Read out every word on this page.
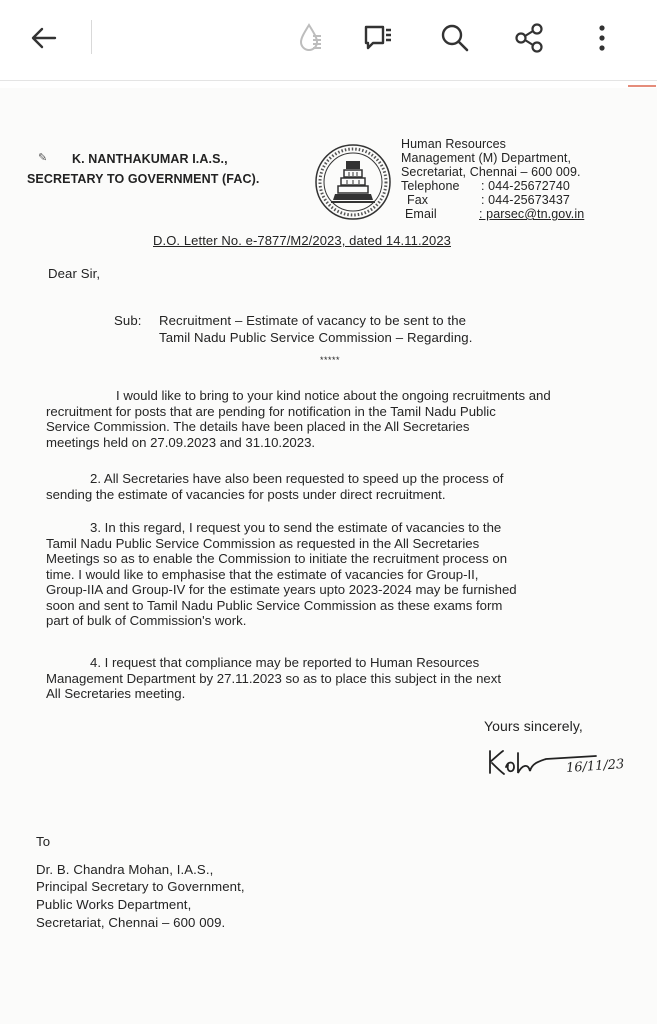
✎ K. NANTHAKUMAR I.A.S.,
SECRETARY TO GOVERNMENT (FAC).
Human Resources
Management (M) Department,
Secretariat, Chennai – 600 009.
Telephone : 044-25672740
Fax	: 044-25673437
Email	: parsec@tn.gov.in
D.O. Letter No. e-7877/M2/2023, dated 14.11.2023
Dear Sir,
Sub: Recruitment – Estimate of vacancy to be sent to the
Tamil Nadu Public Service Commission – Regarding.
*****
I would like to bring to your kind notice about the ongoing recruitments and
recruitment for posts that are pending for notification in the Tamil Nadu Public
Service Commission. The details have been placed in the All Secretaries
meetings held on 27.09.2023 and 31.10.2023.
2. All Secretaries have also been requested to speed up the process of
sending the estimate of vacancies for posts under direct recruitment.
3. In this regard, I request you to send the estimate of vacancies to the
Tamil Nadu Public Service Commission as requested in the All Secretaries
Meetings so as to enable the Commission to initiate the recruitment process on
time. I would like to emphasise that the estimate of vacancies for Group-II,
Group-IIA and Group-IV for the estimate years upto 2023-2024 may be furnished
soon and sent to Tamil Nadu Public Service Commission as these exams form
part of bulk of Commission's work.
4. I request that compliance may be reported to Human Resources
Management Department by 27.11.2023 so as to place this subject in the next
All Secretaries meeting.
Yours sincerely,
16/11/23
To
Dr. B. Chandra Mohan, I.A.S.,
Principal Secretary to Government,
Public Works Department,
Secretariat, Chennai – 600 009.
